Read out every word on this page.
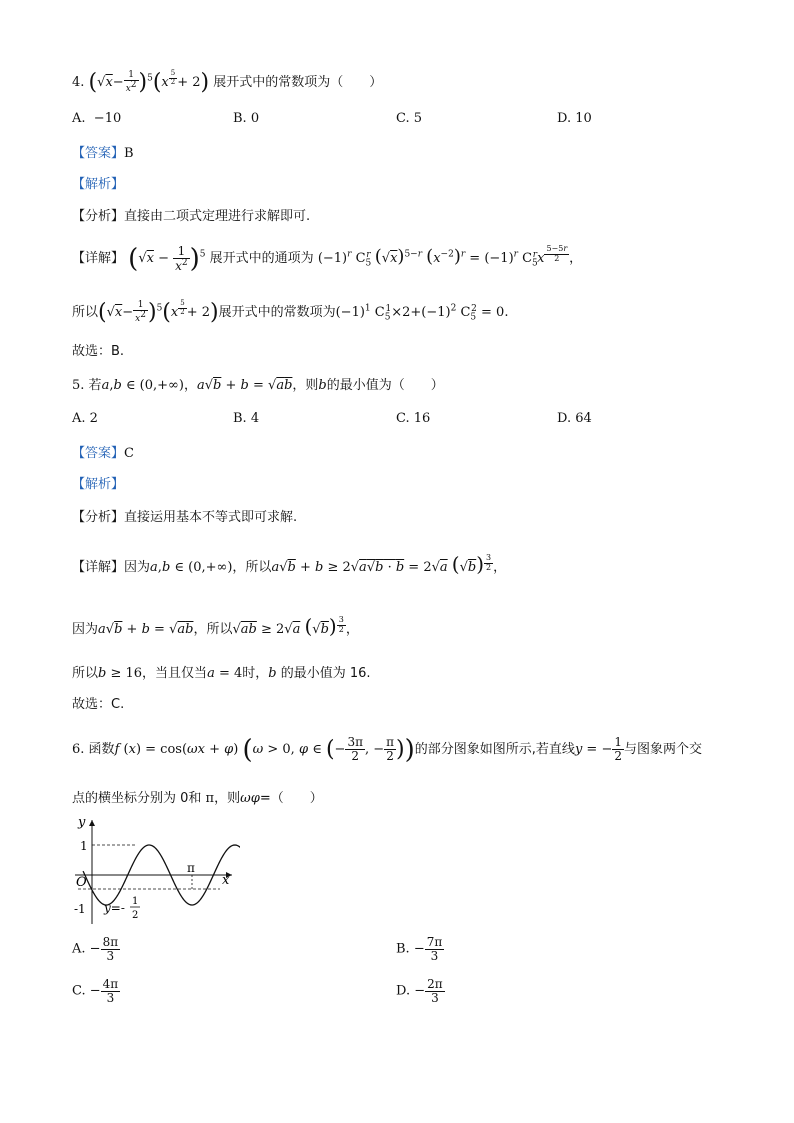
4. $(√x- \frac{1}{x^2} )^5(x$ $^{\frac{5}{2}}$ + 2) 展开式中的常数项为（　　）
A. −10	B. 0	C. 5	D. 10
【答案】B
【解析】
【分析】直接由二项式定理进行求解即可.
【详解】 $(√x - \frac{1}{x^2} )^5$ 展开式中的通项为 $(-1)^r$ $C_5^r$ $(√x)^{5-r}$ $(x^{-2})^r = (-1)^r$ $C_5^rx$ $^{\frac{5-5r}{2}}$ ，
所以$(√x- \frac{1}{x^2} )^5(x$ $^{\frac{5}{2}}$ + 2)展开式中的常数项为$(-1)^1$ $C_5^1\times 2+(-1)^2$ $C_5^2 = 0$.
故选：B.
5. 若a,b ∈ (0,+∞)，a√b + b = √ab，则b的最小值为（　　）
A. 2	B. 4	C. 16	D. 64
【答案】C
【解析】
【分析】直接运用基本不等式即可求解.
【详解】因为a,b ∈ (0,+∞)，所以a√b + b ≥ 2√a√b · b = 2√a (√b) $^{\frac{3}{2}}$ ，
因为a√b + b = √ab，所以√ab ≥ 2√a (√b) $^{\frac{3}{2}}$ ，
所以b ≥ 16，当且仅当a = 4时，b 的最小值为 16.
故选：C.
6. 函数f (x) = cos(ωx + φ) (ω > 0, φ ∈ (− $\frac{3\pi}{2}$ , − $\frac{\pi}{2}$ ))的部分图象如图所示,若直线y = − $\frac{1}{2}$ 与图象两个交
点的横坐标分别为 0和 π，则ωφ=（　　）
y
x
O
1
-1
π
y=- 1
2
A. − $\frac{8\pi}{3}$	B. − $\frac{7\pi}{3}$
C. − $\frac{4\pi}{3}$	D. − $\frac{2\pi}{3}$
